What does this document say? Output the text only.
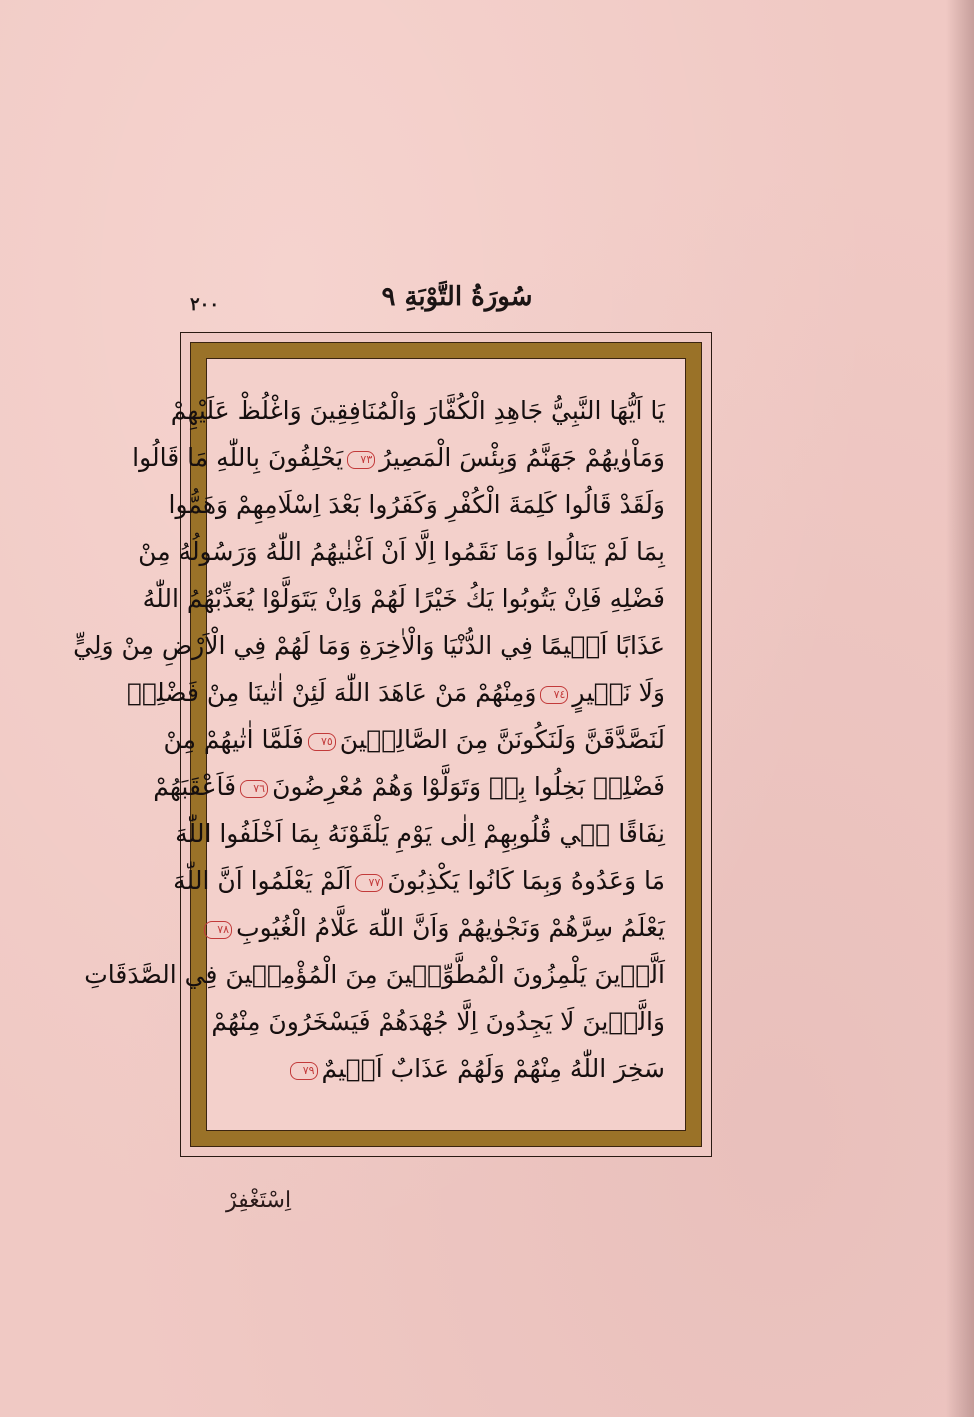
٢٠٠	سُورَةُ التَّوْبَةِ ٩
يَا اَيُّهَا النَّبِيُّ جَاهِدِ الْكُفَّارَ وَالْمُنَافِقِينَ وَاغْلُظْ عَلَيْهِمْ
وَمَاْوٰيهُمْ جَهَنَّمُ وَبِئْسَ الْمَصِيرُ٧٣يَحْلِفُونَ بِاللّٰهِ مَا قَالُوا
وَلَقَدْ قَالُوا كَلِمَةَ الْكُفْرِ وَكَفَرُوا بَعْدَ اِسْلَامِهِمْ وَهَمُّوا
بِمَا لَمْ يَنَالُوا وَمَا نَقَمُوا اِلَّا اَنْ اَغْنٰيهُمُ اللّٰهُ وَرَسُولُهُ مِنْ
فَضْلِهِ فَاِنْ يَتُوبُوا يَكُ خَيْرًا لَهُمْ وَاِنْ يَتَوَلَّوْا يُعَذِّبْهُمُ اللّٰهُ
عَذَابًا اَل۪يمًا فِي الدُّنْيَا وَالْاٰخِرَةِ وَمَا لَهُمْ فِي الْاَرْضِ مِنْ وَلِيٍّ
وَلَا نَص۪يرٍ٧٤وَمِنْهُمْ مَنْ عَاهَدَ اللّٰهَ لَئِنْ اٰتٰينَا مِنْ فَضْلِه۪
لَنَصَّدَّقَنَّ وَلَنَكُونَنَّ مِنَ الصَّالِح۪ينَ٧٥فَلَمَّا اٰتٰيهُمْ مِنْ
فَضْلِه۪ بَخِلُوا بِه۪ وَتَوَلَّوْا وَهُمْ مُعْرِضُونَ٧٦فَاَعْقَبَهُمْ
نِفَاقًا ف۪ي قُلُوبِهِمْ اِلٰى يَوْمِ يَلْقَوْنَهُ بِمَا اَخْلَفُوا اللّٰهَ
مَا وَعَدُوهُ وَبِمَا كَانُوا يَكْذِبُونَ٧٧اَلَمْ يَعْلَمُوا اَنَّ اللّٰهَ
يَعْلَمُ سِرَّهُمْ وَنَجْوٰيهُمْ وَاَنَّ اللّٰهَ عَلَّامُ الْغُيُوبِ٧٨
اَلَّذ۪ينَ يَلْمِزُونَ الْمُطَّوِّع۪ينَ مِنَ الْمُؤْمِن۪ينَ فِي الصَّدَقَاتِ
وَالَّذ۪ينَ لَا يَجِدُونَ اِلَّا جُهْدَهُمْ فَيَسْخَرُونَ مِنْهُمْ
سَخِرَ اللّٰهُ مِنْهُمْ وَلَهُمْ عَذَابٌ اَل۪يمٌ٧٩
اِسْتَغْفِرْ
